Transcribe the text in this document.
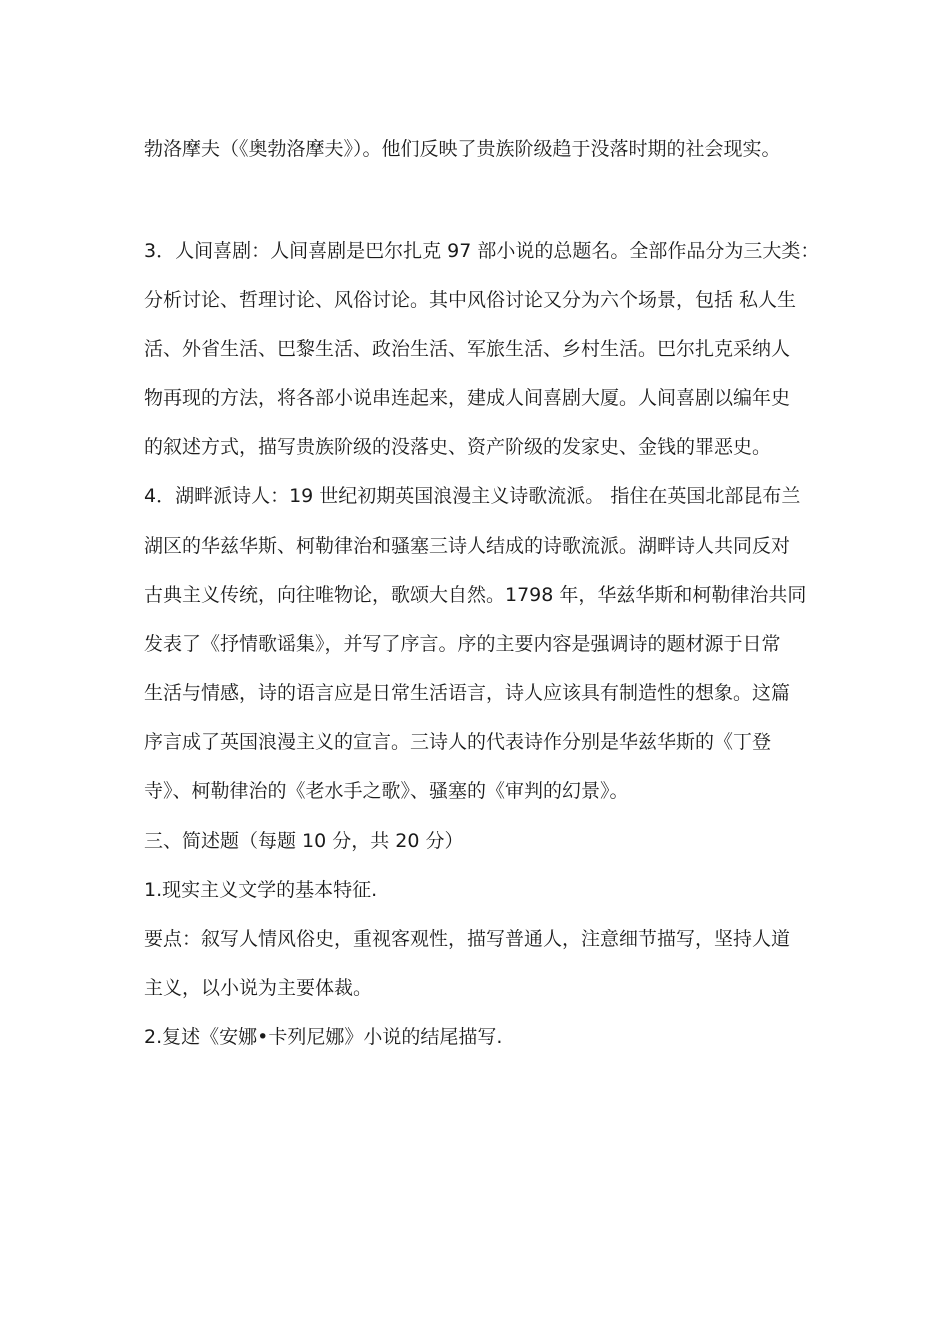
勃洛摩夫（《奥勃洛摩夫》）。他们反映了贵族阶级趋于没落时期的社会现实。
3．人间喜剧：人间喜剧是巴尔扎克 97 部小说的总题名。全部作品分为三大类：
分析讨论、哲理讨论、风俗讨论。其中风俗讨论又分为六个场景，包括 私人生
活、外省生活、巴黎生活、政治生活、军旅生活、乡村生活。巴尔扎克采纳人
物再现的方法，将各部小说串连起来，建成人间喜剧大厦。人间喜剧以编年史
的叙述方式，描写贵族阶级的没落史、资产阶级的发家史、金钱的罪恶史。
4．湖畔派诗人：19 世纪初期英国浪漫主义诗歌流派。 指住在英国北部昆布兰
湖区的华兹华斯、柯勒律治和骚塞三诗人结成的诗歌流派。湖畔诗人共同反对
古典主义传统，向往唯物论，歌颂大自然。1798 年，华兹华斯和柯勒律治共同
发表了《抒情歌谣集》，并写了序言。序的主要内容是强调诗的题材源于日常
生活与情感，诗的语言应是日常生活语言，诗人应该具有制造性的想象。这篇
序言成了英国浪漫主义的宣言。三诗人的代表诗作分别是华兹华斯的《丁登
寺》、柯勒律治的《老水手之歌》、骚塞的《审判的幻景》。
三、简述题（每题 10 分，共 20 分）
1.现实主义文学的基本特征.
要点：叙写人情风俗史，重视客观性，描写普通人，注意细节描写，坚持人道
主义，以小说为主要体裁。
2.复述《安娜•卡列尼娜》小说的结尾描写.
